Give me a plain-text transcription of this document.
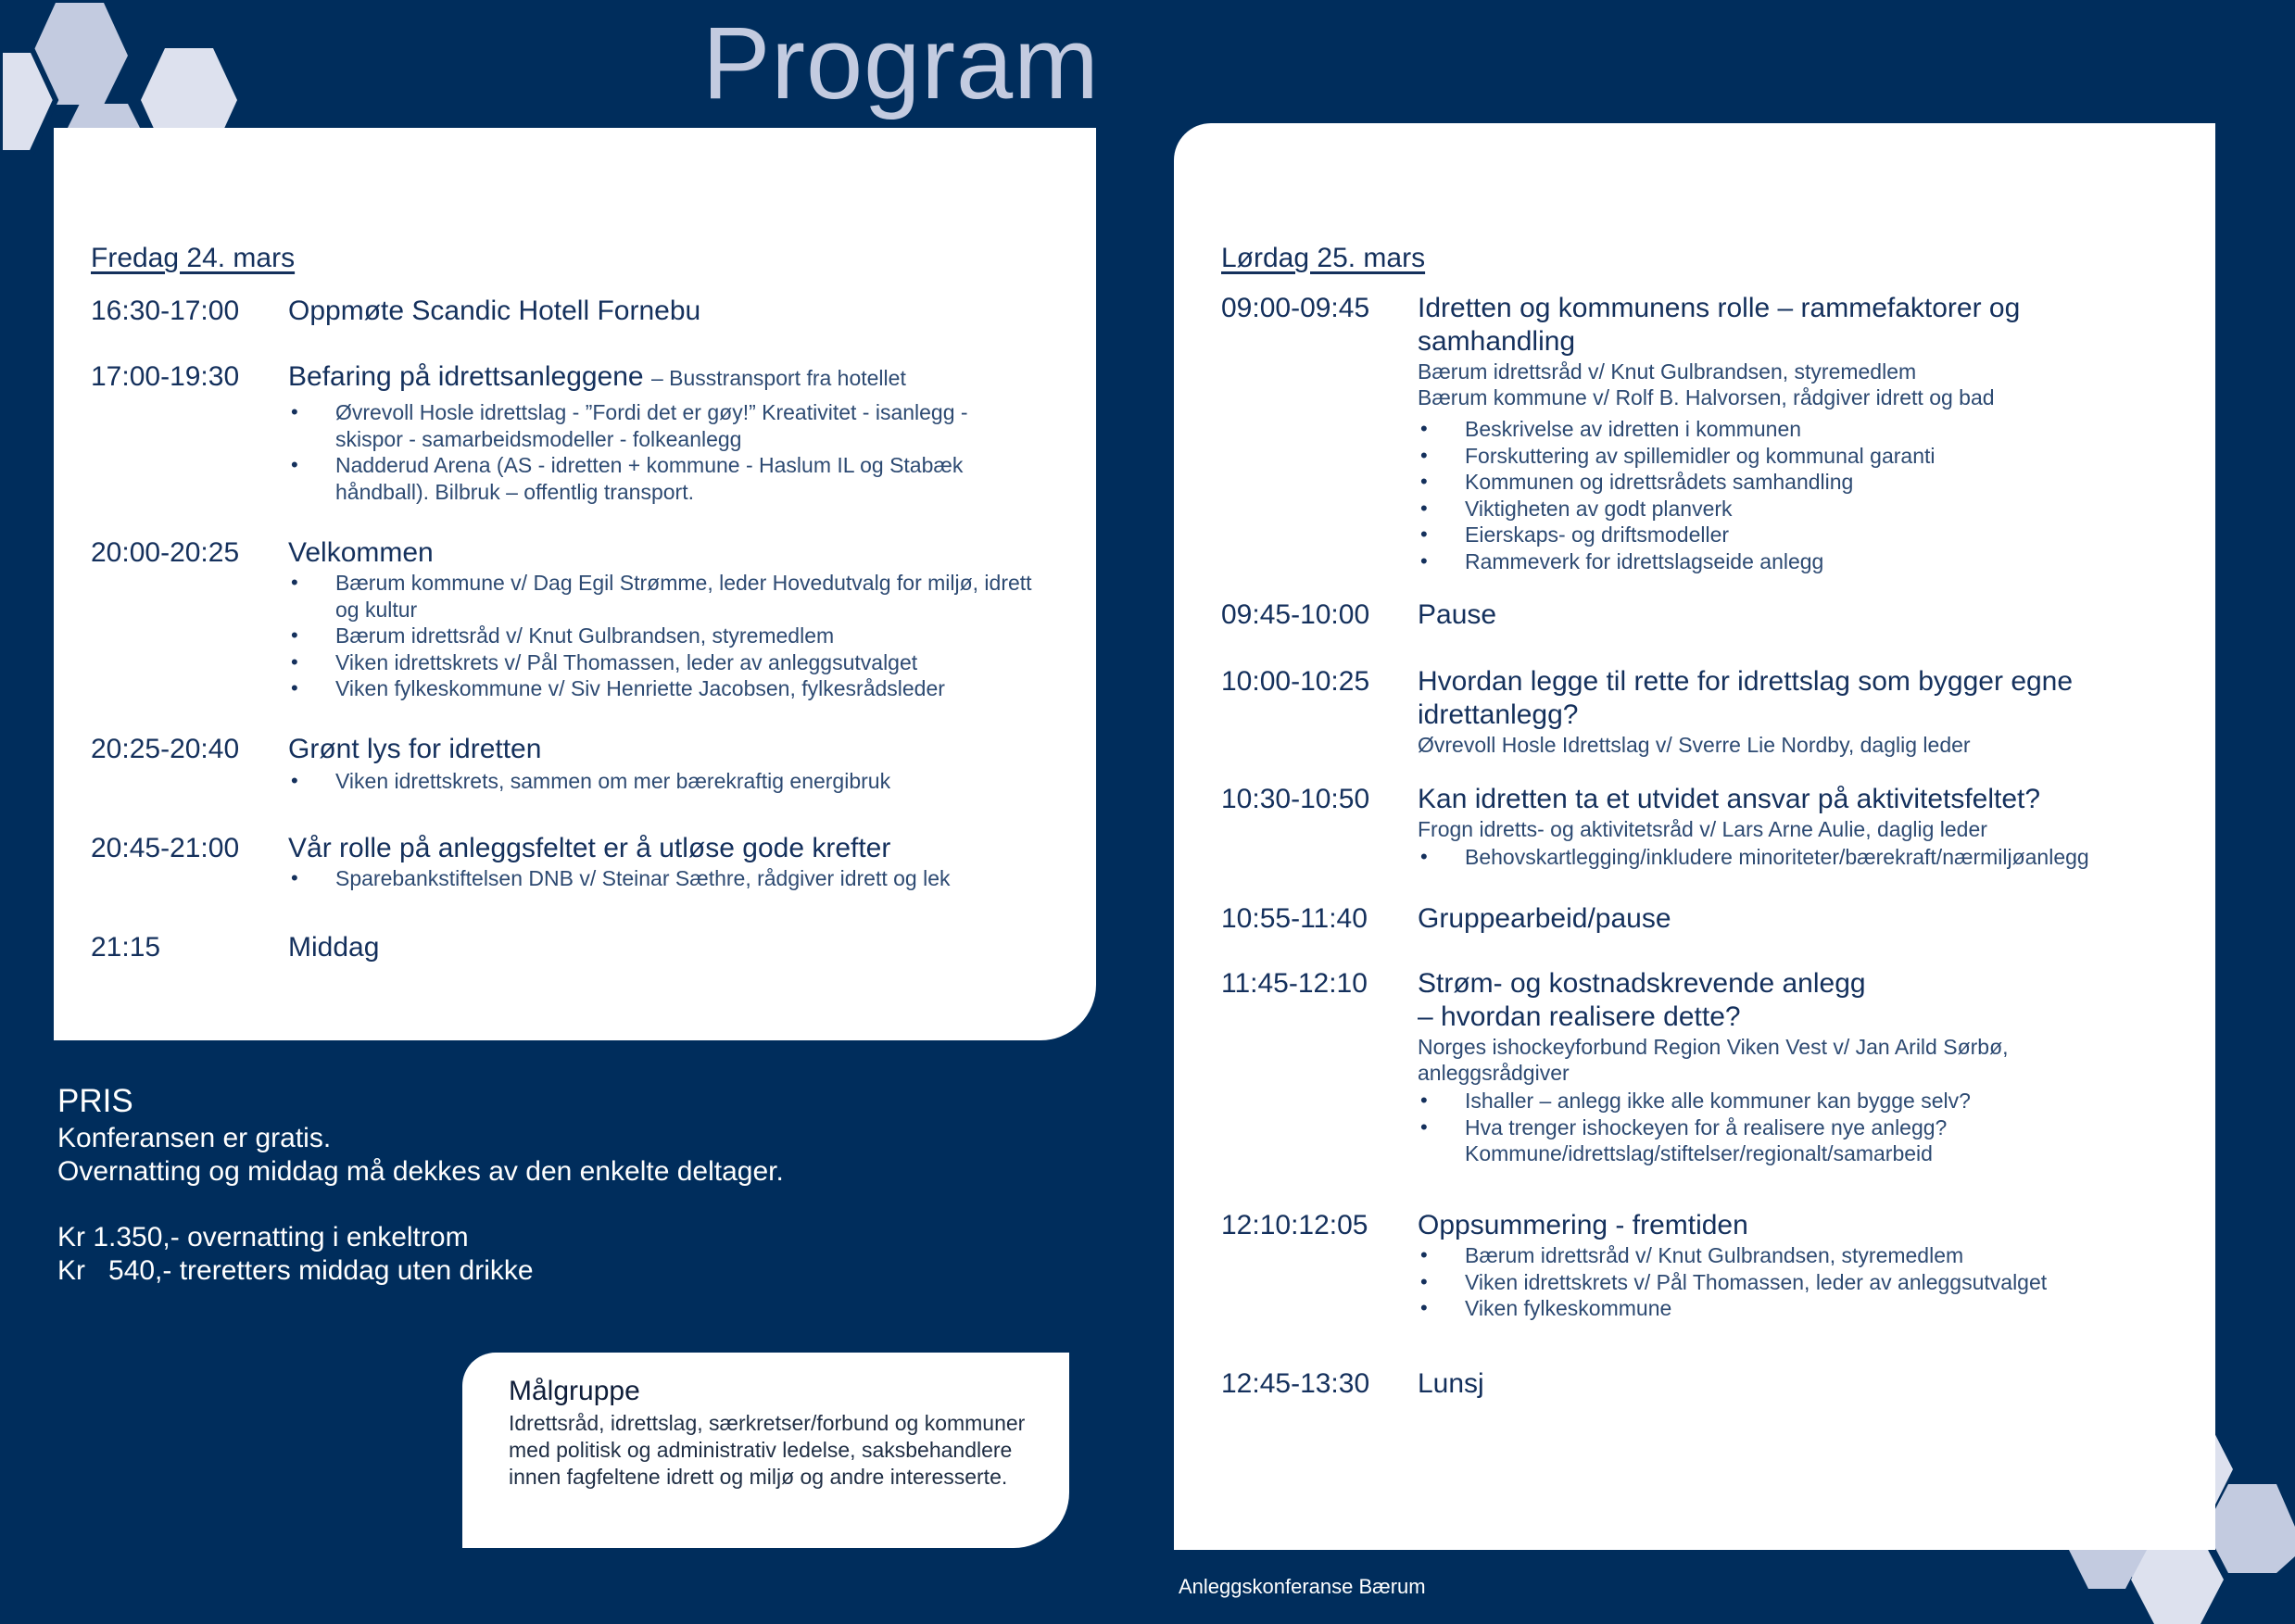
Program

Fredag 24. mars

16:30-17:00 Oppmøte Scandic Hotell Fornebu
17:00-19:30 Befaring på idrettsanleggene – Busstransport fra hotellet
• Øvrevoll Hosle idrettslag - ”Fordi det er gøy!” Kreativitet - isanlegg - skispor - samarbeidsmodeller - folkeanlegg
• Nadderud Arena (AS - idretten + kommune - Haslum IL og Stabæk håndball). Bilbruk – offentlig transport.
20:00-20:25 Velkommen
• Bærum kommune v/ Dag Egil Strømme, leder Hovedutvalg for miljø, idrett og kultur
• Bærum idrettsråd v/ Knut Gulbrandsen, styremedlem
• Viken idrettskrets v/ Pål Thomassen, leder av anleggsutvalget
• Viken fylkeskommune v/ Siv Henriette Jacobsen, fylkesrådsleder
20:25-20:40 Grønt lys for idretten
• Viken idrettskrets, sammen om mer bærekraftig energibruk
20:45-21:00 Vår rolle på anleggsfeltet er å utløse gode krefter
• Sparebankstiftelsen DNB v/ Steinar Sæthre, rådgiver idrett og lek
21:15	Middag

Lørdag 25. mars

09:00-09:45 Idretten og kommunens rolle – rammefaktorer og samhandling
Bærum idrettsråd v/ Knut Gulbrandsen, styremedlem
Bærum kommune v/ Rolf B. Halvorsen, rådgiver idrett og bad
• Beskrivelse av idretten i kommunen
• Forskuttering av spillemidler og kommunal garanti
• Kommunen og idrettsrådets samhandling
• Viktigheten av godt planverk
• Eierskaps- og driftsmodeller
• Rammeverk for idrettslagseide anlegg
09:45-10:00 Pause
10:00-10:25 Hvordan legge til rette for idrettslag som bygger egne idrettanlegg?
Øvrevoll Hosle Idrettslag v/ Sverre Lie Nordby, daglig leder
10:30-10:50 Kan idretten ta et utvidet ansvar på aktivitetsfeltet?
Frogn idretts- og aktivitetsråd v/ Lars Arne Aulie, daglig leder
• Behovskartlegging/inkludere minoriteter/bærekraft/nærmiljøanlegg
10:55-11:40 Gruppearbeid/pause
11:45-12:10 Strøm- og kostnadskrevende anlegg
– hvordan realisere dette?
Norges ishockeyforbund Region Viken Vest v/ Jan Arild Sørbø, anleggsrådgiver
• Ishaller – anlegg ikke alle kommuner kan bygge selv?
• Hva trenger ishockeyen for å realisere nye anlegg? Kommune/idrettslag/stiftelser/regionalt/samarbeid
12:10:12:05 Oppsummering - fremtiden
• Bærum idrettsråd v/ Knut Gulbrandsen, styremedlem
• Viken idrettskrets v/ Pål Thomassen, leder av anleggsutvalget
• Viken fylkeskommune
12:45-13:30 Lunsj

PRIS

Konferansen er gratis.

Overnatting og middag må dekkes av den enkelte deltager.

Kr 1.350,- overnatting i enkeltrom

Kr   540,- treretters middag uten drikke

Målgruppe

Idrettsråd, idrettslag, særkretser/forbund og kommuner med politisk og administrativ ledelse, saksbehandlere innen fagfeltene idrett og miljø og andre interesserte.

Anleggskonferanse Bærum
